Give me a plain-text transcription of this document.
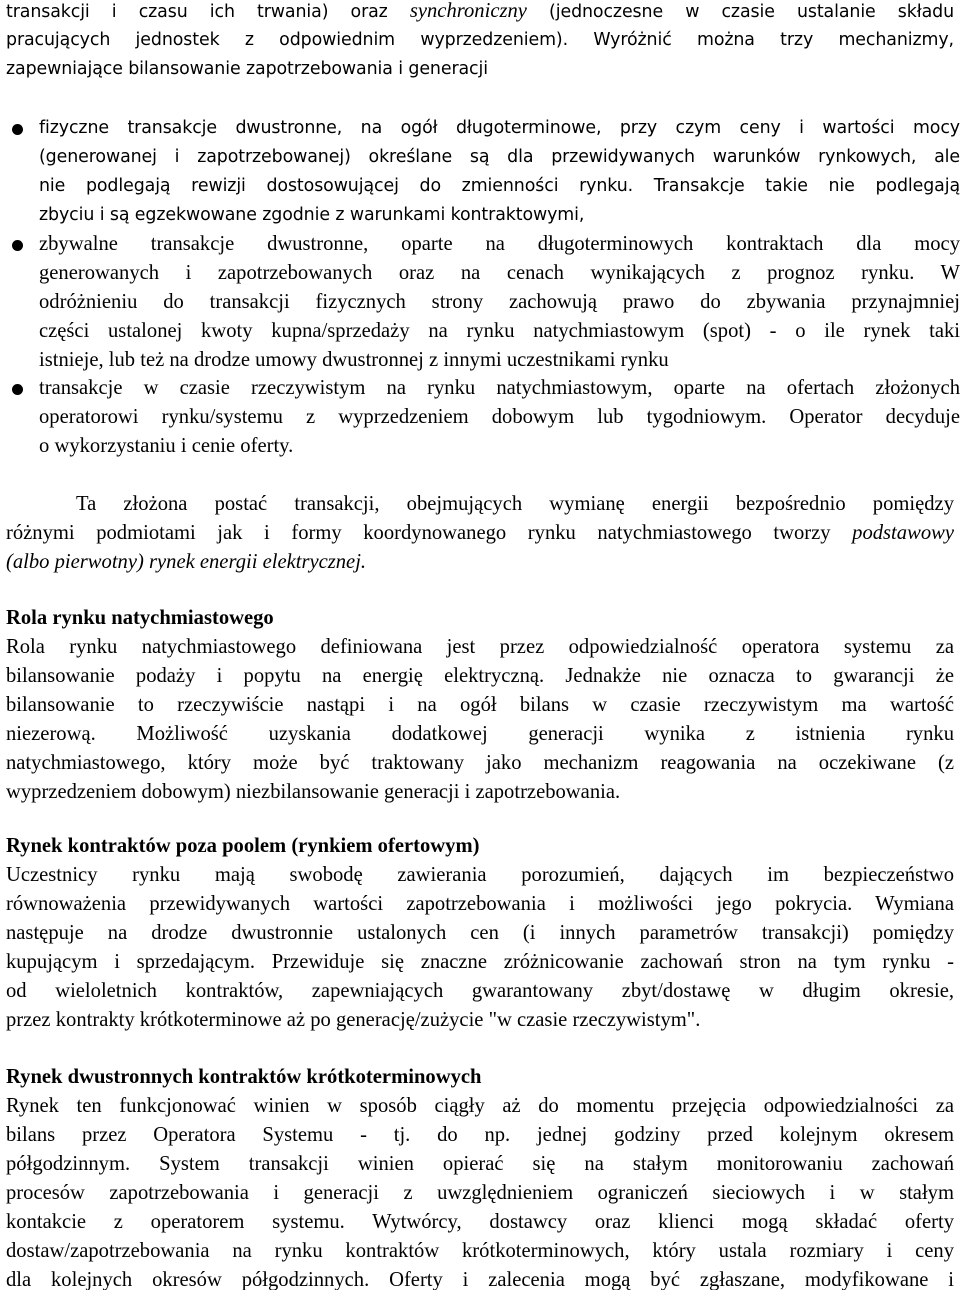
transakcji i czasu ich trwania) oraz synchroniczny (jednoczesne w czasie ustalanie składu
pracujących jednostek z odpowiednim wyprzedzeniem). Wyróżnić można trzy mechanizmy,
zapewniające bilansowanie zapotrzebowania i generacji
fizyczne transakcje dwustronne, na ogół długoterminowe, przy czym ceny i wartości mocy
(generowanej i zapotrzebowanej) określane są dla przewidywanych warunków rynkowych, ale
nie podlegają rewizji dostosowującej do zmienności rynku. Transakcje takie nie podlegają
zbyciu i są egzekwowane zgodnie z warunkami kontraktowymi,
zbywalne transakcje dwustronne, oparte na długoterminowych kontraktach dla mocy
generowanych i zapotrzebowanych oraz na cenach wynikających z prognoz rynku. W
odróżnieniu do transakcji fizycznych strony zachowują prawo do zbywania przynajmniej
części ustalonej kwoty kupna/sprzedaży na rynku natychmiastowym (spot) - o ile rynek taki
istnieje, lub też na drodze umowy dwustronnej z innymi uczestnikami rynku
transakcje w czasie rzeczywistym na rynku natychmiastowym, oparte na ofertach złożonych
operatorowi rynku/systemu z wyprzedzeniem dobowym lub tygodniowym. Operator decyduje
o wykorzystaniu i cenie oferty.
Ta złożona postać transakcji, obejmujących wymianę energii bezpośrednio pomiędzy
różnymi podmiotami jak i formy koordynowanego rynku natychmiastowego tworzy podstawowy
(albo pierwotny) rynek energii elektrycznej.
Rola rynku natychmiastowego
Rola rynku natychmiastowego definiowana jest przez odpowiedzialność operatora systemu za
bilansowanie podaży i popytu na energię elektryczną. Jednakże nie oznacza to gwarancji że
bilansowanie to rzeczywiście nastąpi i na ogół bilans w czasie rzeczywistym ma wartość
niezerową. Możliwość uzyskania dodatkowej generacji wynika z istnienia rynku
natychmiastowego, który może być traktowany jako mechanizm reagowania na oczekiwane (z
wyprzedzeniem dobowym) niezbilansowanie generacji i zapotrzebowania.
Rynek kontraktów poza poolem (rynkiem ofertowym)
Uczestnicy rynku mają swobodę zawierania porozumień, dających im bezpieczeństwo
równoważenia przewidywanych wartości zapotrzebowania i możliwości jego pokrycia. Wymiana
następuje na drodze dwustronnie ustalonych cen (i innych parametrów transakcji) pomiędzy
kupującym i sprzedającym. Przewiduje się znaczne zróżnicowanie zachowań stron na tym rynku -
od wieloletnich kontraktów, zapewniających gwarantowany zbyt/dostawę w długim okresie,
przez kontrakty krótkoterminowe aż po generację/zużycie "w czasie rzeczywistym".
Rynek dwustronnych kontraktów krótkoterminowych
Rynek ten funkcjonować winien w sposób ciągły aż do momentu przejęcia odpowiedzialności za
bilans przez Operatora Systemu - tj. do np. jednej godziny przed kolejnym okresem
półgodzinnym. System transakcji winien opierać się na stałym monitorowaniu zachowań
procesów zapotrzebowania i generacji z uwzględnieniem ograniczeń sieciowych i w stałym
kontakcie z operatorem systemu. Wytwórcy, dostawcy oraz klienci mogą składać oferty
dostaw/zapotrzebowania na rynku kontraktów krótkoterminowych, który ustala rozmiary i ceny
dla kolejnych okresów półgodzinnych. Oferty i zalecenia mogą być zgłaszane, modyfikowane i
